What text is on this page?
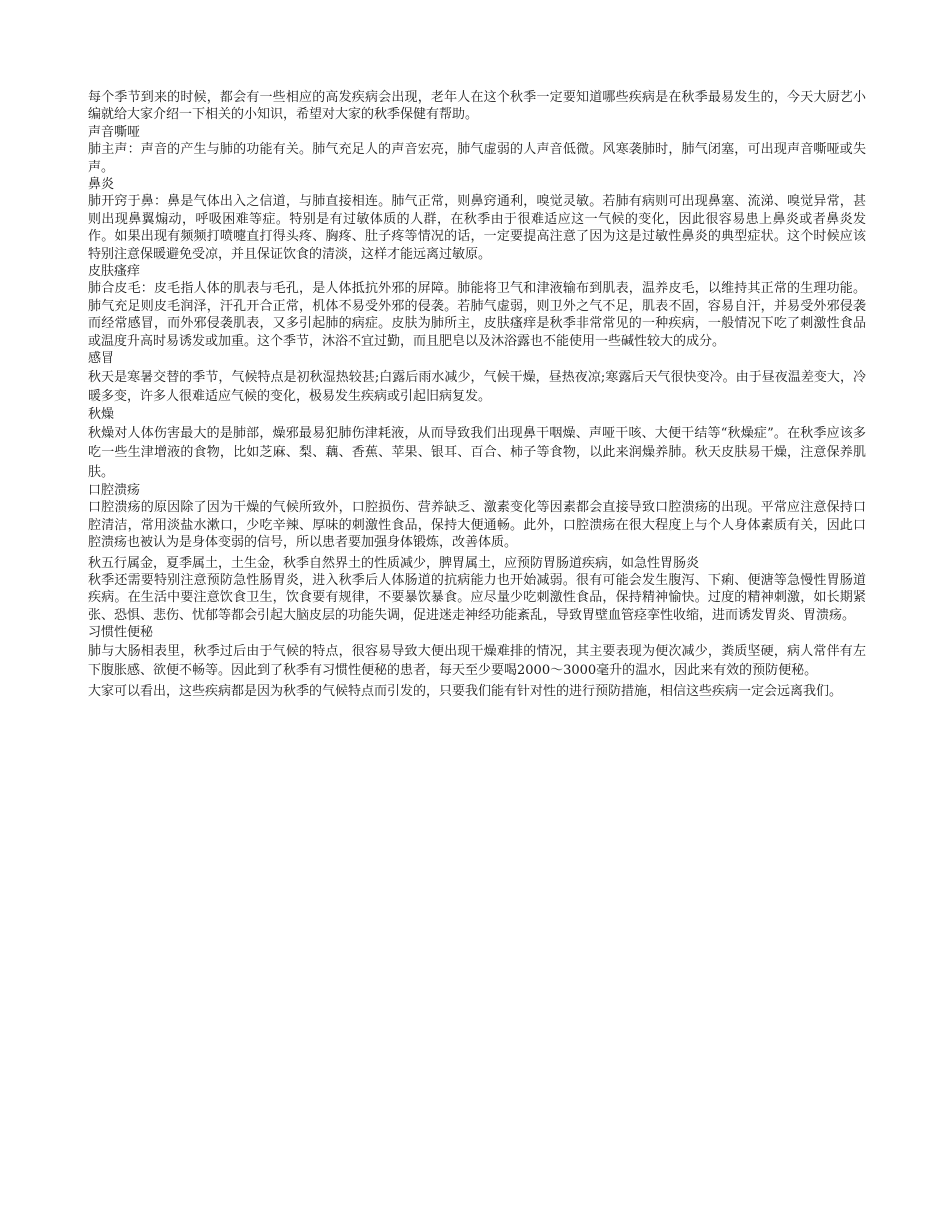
每个季节到来的时候，都会有一些相应的高发疾病会出现，老年人在这个秋季一定要知道哪些疾病是在秋季最易发生的，今天大厨艺小编就给大家介绍一下相关的小知识，希望对大家的秋季保健有帮助。

声音嘶哑

肺主声：声音的产生与肺的功能有关。肺气充足人的声音宏亮，肺气虚弱的人声音低微。风寒袭肺时，肺气闭塞，可出现声音嘶哑或失声。

鼻炎

肺开窍于鼻：鼻是气体出入之信道，与肺直接相连。肺气正常，则鼻窍通利，嗅觉灵敏。若肺有病则可出现鼻塞、流涕、嗅觉异常，甚则出现鼻翼煽动，呼吸困难等症。特别是有过敏体质的人群，在秋季由于很难适应这一气候的变化，因此很容易患上鼻炎或者鼻炎发作。如果出现有频频打喷嚏直打得头疼、胸疼、肚子疼等情况的话，一定要提高注意了因为这是过敏性鼻炎的典型症状。这个时候应该特别注意保暖避免受凉，并且保证饮食的清淡，这样才能远离过敏原。

皮肤瘙痒

肺合皮毛：皮毛指人体的肌表与毛孔，是人体抵抗外邪的屏障。肺能将卫气和津液输布到肌表，温养皮毛，以维持其正常的生理功能。肺气充足则皮毛润泽，汗孔开合正常，机体不易受外邪的侵袭。若肺气虚弱，则卫外之气不足，肌表不固，容易自汗，并易受外邪侵袭而经常感冒，而外邪侵袭肌表，又多引起肺的病症。皮肤为肺所主，皮肤瘙痒是秋季非常常见的一种疾病，一般情况下吃了刺激性食品或温度升高时易诱发或加重。这个季节，沐浴不宜过勤，而且肥皂以及沐浴露也不能使用一些碱性较大的成分。

感冒

秋天是寒暑交替的季节，气候特点是初秋湿热较甚;白露后雨水减少，气候干燥，昼热夜凉;寒露后天气很快变冷。由于昼夜温差变大，冷暖多变，许多人很难适应气候的变化，极易发生疾病或引起旧病复发。

秋燥

秋燥对人体伤害最大的是肺部，燥邪最易犯肺伤津耗液，从而导致我们出现鼻干咽燥、声哑干咳、大便干结等“秋燥症”。在秋季应该多吃一些生津增液的食物，比如芝麻、梨、藕、香蕉、苹果、银耳、百合、柿子等食物，以此来润燥养肺。秋天皮肤易干燥，注意保养肌肤。

口腔溃疡

口腔溃疡的原因除了因为干燥的气候所致外，口腔损伤、营养缺乏、激素变化等因素都会直接导致口腔溃疡的出现。平常应注意保持口腔清洁，常用淡盐水漱口，少吃辛辣、厚味的刺激性食品，保持大便通畅。此外，口腔溃疡在很大程度上与个人身体素质有关，因此口腔溃疡也被认为是身体变弱的信号，所以患者要加强身体锻炼，改善体质。

秋五行属金，夏季属土，土生金，秋季自然界土的性质减少，脾胃属土，应预防胃肠道疾病，如急性胃肠炎

秋季还需要特别注意预防急性肠胃炎，进入秋季后人体肠道的抗病能力也开始减弱。很有可能会发生腹泻、下痢、便溏等急慢性胃肠道疾病。在生活中要注意饮食卫生，饮食要有规律，不要暴饮暴食。应尽量少吃刺激性食品，保持精神愉快。过度的精神刺激，如长期紧张、恐惧、悲伤、忧郁等都会引起大脑皮层的功能失调，促进迷走神经功能紊乱，导致胃壁血管痉挛性收缩，进而诱发胃炎、胃溃疡。

习惯性便秘

肺与大肠相表里，秋季过后由于气候的特点，很容易导致大便出现干燥难排的情况，其主要表现为便次减少，粪质坚硬，病人常伴有左下腹胀感、欲便不畅等。因此到了秋季有习惯性便秘的患者，每天至少要喝2000～3000毫升的温水，因此来有效的预防便秘。

大家可以看出，这些疾病都是因为秋季的气候特点而引发的，只要我们能有针对性的进行预防措施，相信这些疾病一定会远离我们。
